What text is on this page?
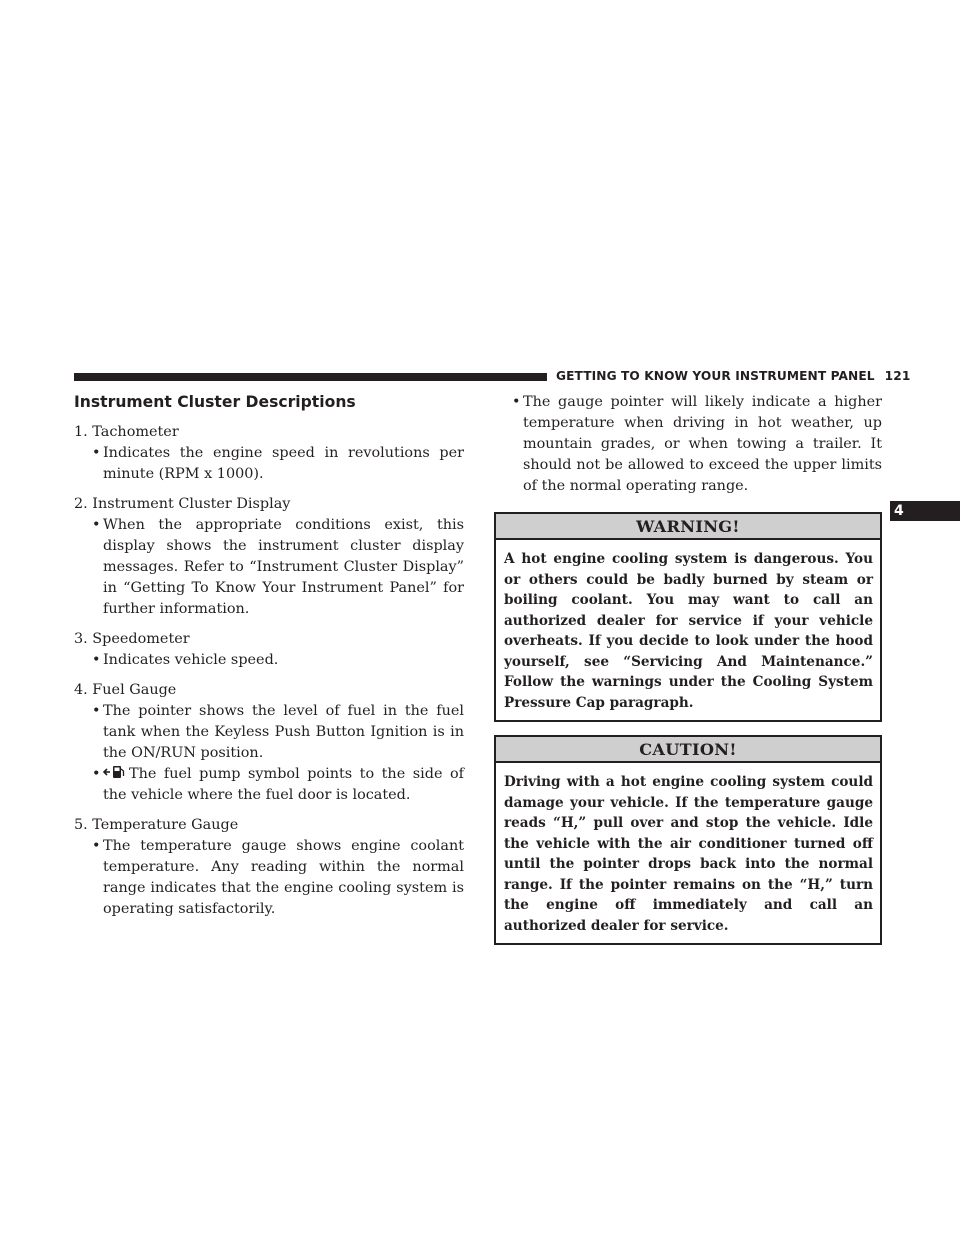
GETTING TO KNOW YOUR INSTRUMENT PANEL 121
4
Instrument Cluster Descriptions

1. Tachometer

• Indicates the engine speed in revolutions per minute (RPM x 1000).

2. Instrument Cluster Display

• When the appropriate conditions exist, this display shows the instrument cluster display messages. Refer to “Instrument Cluster Display” in “Getting To Know Your Instrument Panel” for further information.

3. Speedometer

• Indicates vehicle speed.

4. Fuel Gauge

• The pointer shows the level of fuel in the fuel tank when the Keyless Push Button Ignition is in the ON/RUN position.

• The fuel pump symbol points to the side of the vehicle where the fuel door is located.

5. Temperature Gauge

• The temperature gauge shows engine coolant temperature. Any reading within the normal range indicates that the engine cooling system is operating satisfactorily.

• The gauge pointer will likely indicate a higher temperature when driving in hot weather, up mountain grades, or when towing a trailer. It should not be allowed to exceed the upper limits of the normal operating range.

WARNING!
A hot engine cooling system is dangerous. You or others could be badly burned by steam or boiling coolant. You may want to call an authorized dealer for service if your vehicle overheats. If you decide to look under the hood yourself, see “Servicing And Maintenance.” Follow the warnings under the Cooling System Pressure Cap paragraph.
CAUTION!
Driving with a hot engine cooling system could damage your vehicle. If the temperature gauge reads “H,” pull over and stop the vehicle. Idle the vehicle with the air conditioner turned off until the pointer drops back into the normal range. If the pointer remains on the “H,” turn the engine off immediately and call an authorized dealer for service.
